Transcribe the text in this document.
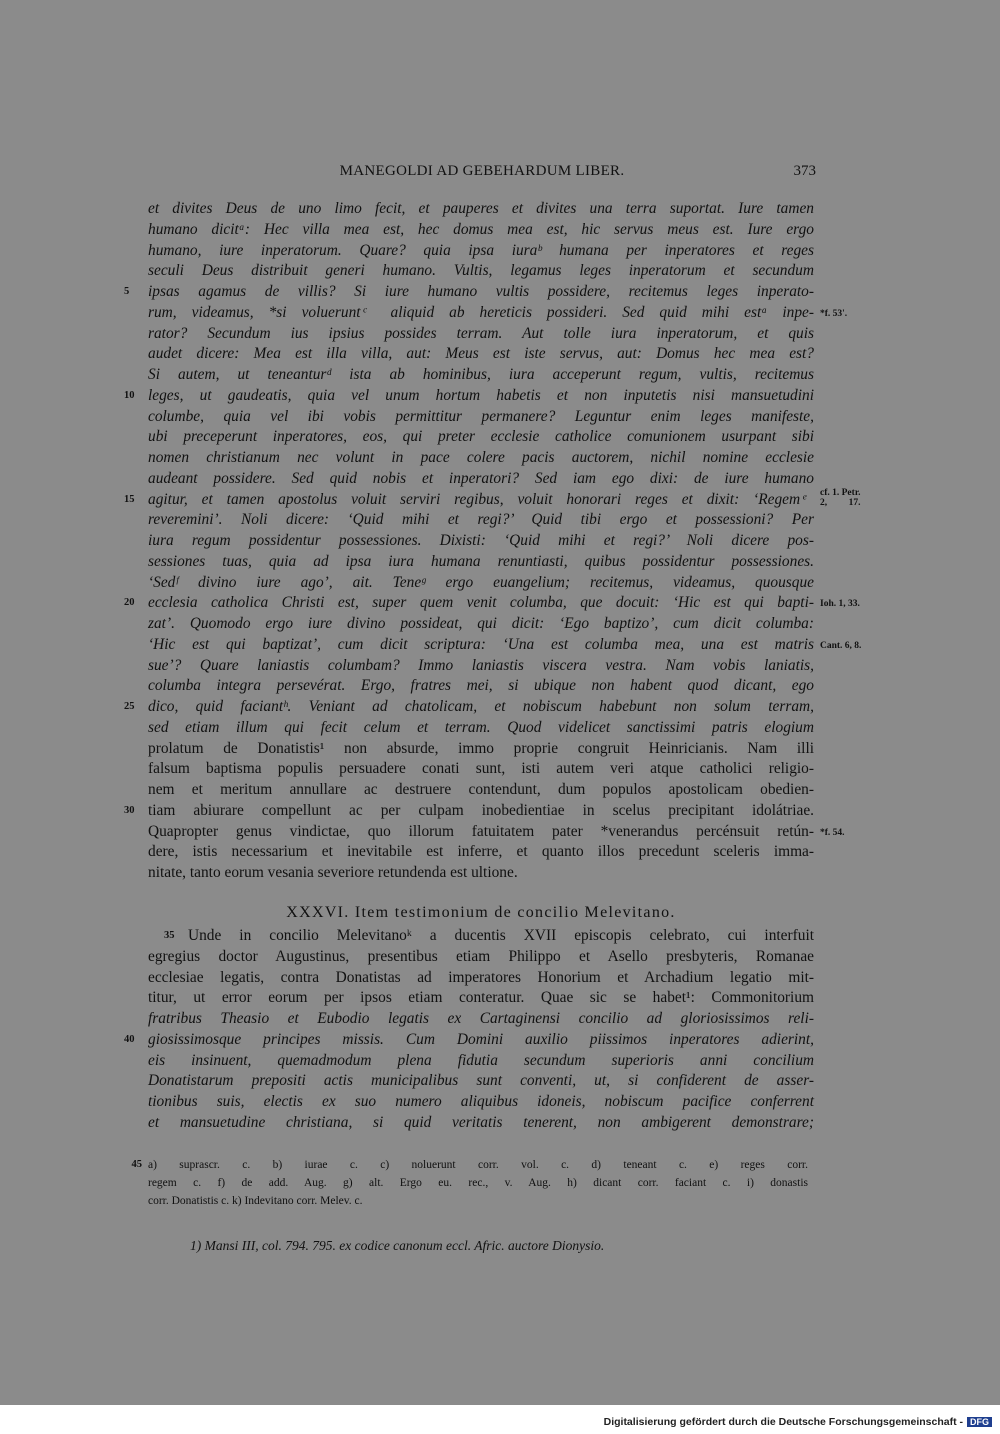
MANEGOLDI AD GEBEHARDUM LIBER.	373
et divites Deus de uno limo fecit, et pauperes et divites una terra suportat. Iure tamen
humano dicitᵃ: Hec villa mea est, hec domus mea est, hic servus meus est. Iure ergo
humano, iure inperatorum. Quare? quia ipsa iuraᵇ humana per inperatores et reges
seculi Deus distribuit generi humano. Vultis, legamus leges inperatorum et secundum
ipsas agamus de villis? Si iure humano vultis possidere, recitemus leges inperato-
5
rum, videamus, *si voluerunt ͨ aliquid ab hereticis possideri. Sed quid mihi estᵃ inpe- *f. 53'.
rator? Secundum ius ipsius possides terram. Aut tolle iura inperatorum, et quis
audet dicere: Mea est illa villa, aut: Meus est iste servus, aut: Domus hec mea est?
Si autem, ut teneanturᵈ ista ab hominibus, iura acceperunt regum, vultis, recitemus
leges, ut gaudeatis, quia vel unum hortum habetis et non inputetis nisi mansuetudini
10
columbe, quia vel ibi vobis permittitur permanere? Leguntur enim leges manifeste,
ubi preceperunt inperatores, eos, qui preter ecclesie catholice comunionem usurpant sibi
nomen christianum nec volunt in pace colere pacis auctorem, nichil nomine ecclesie
audeant possidere. Sed quid nobis et inperatori? Sed iam ego dixi: de iure humano
agitur, et tamen apostolus voluit serviri regibus, voluit honorari reges et dixit: ‘Regem ͤ
15
cf. 1. Petr.
2, 17.
reveremini’. Noli dicere: ‘Quid mihi et regi?’ Quid tibi ergo et possessioni? Per
iura regum possidentur possessiones. Dixisti: ‘Quid mihi et regi?’ Noli dicere pos-
sessiones tuas, quia ad ipsa iura humana renuntiasti, quibus possidentur possessiones.
‘Sedᶠ divino iure ago’, ait. Teneᵍ ergo euangelium; recitemus, videamus, quousque
ecclesia catholica Christi est, super quem venit columba, que docuit: ‘Hic est qui bapti-
20	Ioh. 1, 33.
zat’. Quomodo ergo iure divino possideat, qui dicit: ‘Ego baptizo’, cum dicit columba:
‘Hic est qui baptizat’, cum dicit scriptura: ‘Una est columba mea, una est matris Cant. 6, 8.
sue’? Quare laniastis columbam? Immo laniastis viscera vestra. Nam vobis laniatis,
columba integra persevérat. Ergo, fratres mei, si ubique non habent quod dicant, ego
dico, quid faciantʰ. Veniant ad chatolicam, et nobiscum habebunt non solum terram,
25
sed etiam illum qui fecit celum et terram. Quod videlicet sanctissimi patris elogium
prolatum de Donatistis¹ non absurde, immo proprie congruit Heinricianis. Nam illi
falsum baptisma populis persuadere conati sunt, isti autem veri atque catholici religio-
nem et meritum annullare ac destruere contendunt, dum populos apostolicam obedien-
tiam abiurare compellunt ac per culpam inobedientiae in scelus precipitant idolátriae.
30
Quapropter genus vindictae, quo illorum fatuitatem pater *venerandus percénsuit retún- *f. 54.
dere, istis necessarium et inevitabile est inferre, et quanto illos precedunt sceleris imma-
nitate, tanto eorum vesania severiore retundenda est ultione.
XXXVI. Item testimonium de concilio Melevitano.
Unde in concilio Melevitanoᵏ a ducentis XVII episcopis celebrato, cui interfuit
35
egregius doctor Augustinus, presentibus etiam Philippo et Asello presbyteris, Romanae
ecclesiae legatis, contra Donatistas ad imperatores Honorium et Archadium legatio mit-
titur, ut error eorum per ipsos etiam conteratur. Quae sic se habet¹: Commonitorium
fratribus Theasio et Eubodio legatis ex Cartaginensi concilio ad gloriosissimos reli-
giosissimosque principes missis. Cum Domini auxilio piissimos inperatores adierint,
40
eis insinuent, quemadmodum plena fidutia secundum superioris anni concilium
Donatistarum prepositi actis municipalibus sunt conventi, ut, si confiderent de asser-
tionibus suis, electis ex suo numero aliquibus idoneis, nobiscum pacifice conferrent
et mansuetudine christiana, si quid veritatis tenerent, non ambigerent demonstrare;
45 a) suprascr. c. b) iurae c. c) noluerunt corr. vol. c. d) teneant c. e) reges corr.
regem c. f) de add. Aug. g) alt. Ergo eu. rec., v. Aug. h) dicant corr. faciant c. i) donastis
corr. Donatistis c. k) Indevitano corr. Melev. c.
1) Mansi III, col. 794. 795. ex codice canonum eccl. Afric. auctore Dionysio.
Digitalisierung gefördert durch die Deutsche Forschungsgemeinschaft - DFG
